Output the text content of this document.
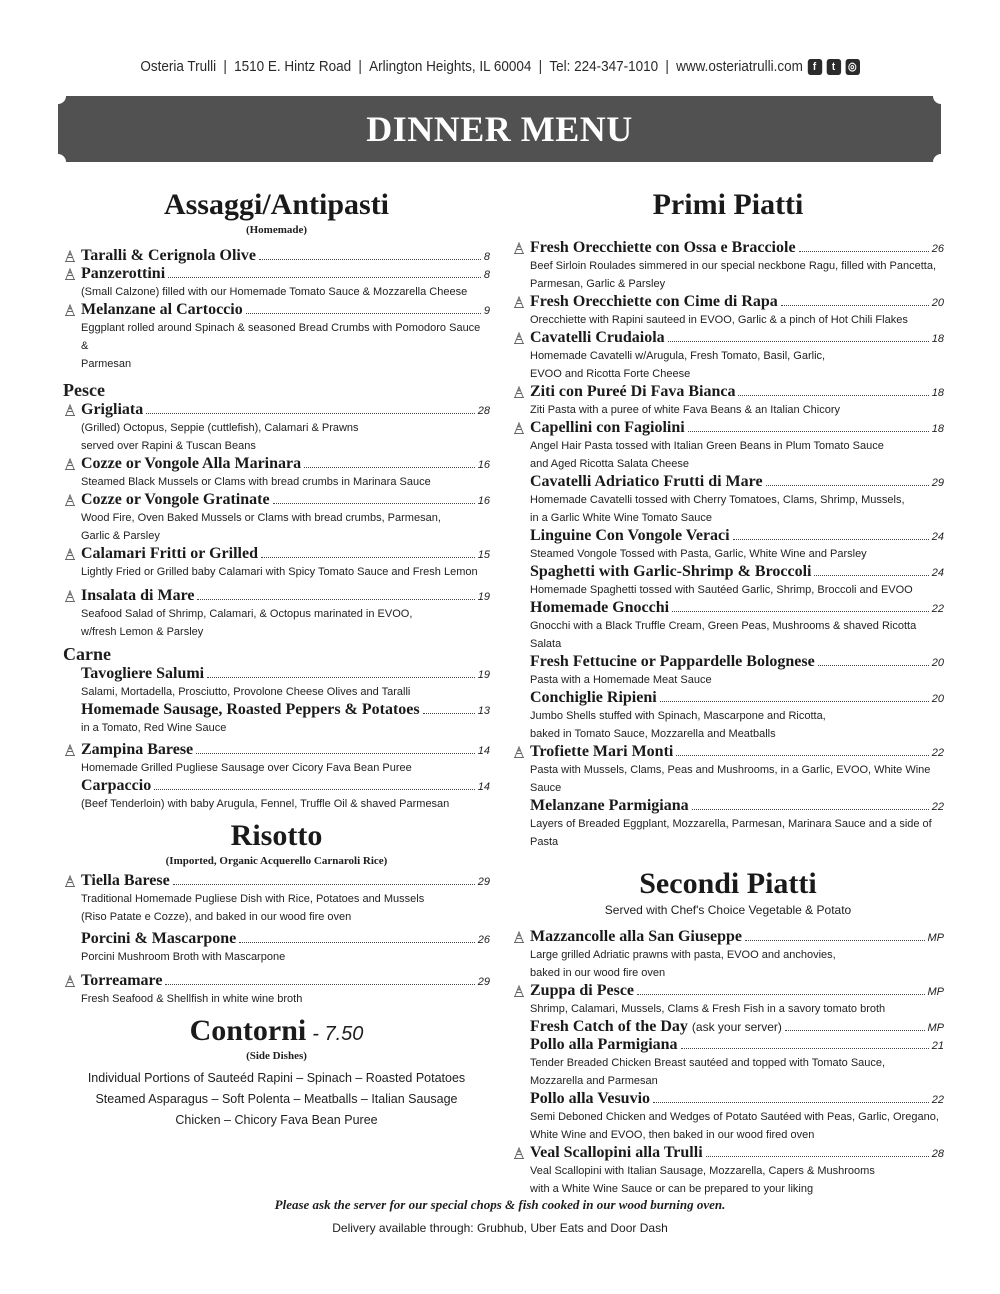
Osteria Trulli | 1510 E. Hintz Road | Arlington Heights, IL 60004 | Tel: 224-347-1010 | www.osteriatrulli.com f	t	◎
DINNER MENU
Assaggi/Antipasti
(Homemade)
Taralli & Cerignola Olive	8
Panzerottini	8
(Small Calzone) filled with our Homemade Tomato Sauce & Mozzarella Cheese
Melanzane al Cartoccio	9
Eggplant rolled around Spinach & seasoned Bread Crumbs with Pomodoro Sauce &
Parmesan
Pesce
Grigliata	28
(Grilled) Octopus, Seppie (cuttlefish), Calamari & Prawns
served over Rapini & Tuscan Beans
Cozze or Vongole Alla Marinara	16
Steamed Black Mussels or Clams with bread crumbs in Marinara Sauce
Cozze or Vongole Gratinate	16
Wood Fire, Oven Baked Mussels or Clams with bread crumbs, Parmesan,
Garlic & Parsley
Calamari Fritti or Grilled	15
Lightly Fried or Grilled baby Calamari with Spicy Tomato Sauce and Fresh Lemon
Insalata di Mare	19
Seafood Salad of Shrimp, Calamari, & Octopus marinated in EVOO,
w/fresh Lemon & Parsley
Carne
Tavogliere Salumi	19
Salami, Mortadella, Prosciutto, Provolone Cheese Olives and Taralli
Homemade Sausage, Roasted Peppers & Potatoes	13
in a Tomato, Red Wine Sauce
Zampina Barese	14
Homemade Grilled Pugliese Sausage over Cicory Fava Bean Puree
Carpaccio	14
(Beef Tenderloin) with baby Arugula, Fennel, Truffle Oil & shaved Parmesan
Risotto
(Imported, Organic Acquerello Carnaroli Rice)
Tiella Barese	29
Traditional Homemade Pugliese Dish with Rice, Potatoes and Mussels
(Riso Patate e Cozze), and baked in our wood fire oven
Porcini & Mascarpone	26
Porcini Mushroom Broth with Mascarpone
Torreamare	29
Fresh Seafood & Shellfish in white wine broth
Contorni - 7.50
(Side Dishes)
Individual Portions of Sauteéd Rapini – Spinach – Roasted Potatoes
Steamed Asparagus – Soft Polenta – Meatballs – Italian Sausage
Chicken – Chicory Fava Bean Puree
Primi Piatti
Fresh Orecchiette con Ossa e Bracciole	26
Beef Sirloin Roulades simmered in our special neckbone Ragu, filled with Pancetta,
Parmesan, Garlic & Parsley
Fresh Orecchiette con Cime di Rapa	20
Orecchiette with Rapini sauteed in EVOO, Garlic & a pinch of Hot Chili Flakes
Cavatelli Crudaiola	18
Homemade Cavatelli w/Arugula, Fresh Tomato, Basil, Garlic,
EVOO and Ricotta Forte Cheese
Ziti con Pureé Di Fava Bianca	18
Ziti Pasta with a puree of white Fava Beans & an Italian Chicory
Capellini con Fagiolini	18
Angel Hair Pasta tossed with Italian Green Beans in Plum Tomato Sauce
and Aged Ricotta Salata Cheese
Cavatelli Adriatico Frutti di Mare	29
Homemade Cavatelli tossed with Cherry Tomatoes, Clams, Shrimp, Mussels,
in a Garlic White Wine Tomato Sauce
Linguine Con Vongole Veraci	24
Steamed Vongole Tossed with Pasta, Garlic, White Wine and Parsley
Spaghetti with Garlic-Shrimp & Broccoli	24
Homemade Spaghetti tossed with Sautéed Garlic, Shrimp, Broccoli and EVOO
Homemade Gnocchi	22
Gnocchi with a Black Truffle Cream, Green Peas, Mushrooms & shaved Ricotta Salata
Fresh Fettucine or Pappardelle Bolognese	20
Pasta with a Homemade Meat Sauce
Conchiglie Ripieni	20
Jumbo Shells stuffed with Spinach, Mascarpone and Ricotta,
baked in Tomato Sauce, Mozzarella and Meatballs
Trofiette Mari Monti	22
Pasta with Mussels, Clams, Peas and Mushrooms, in a Garlic, EVOO, White Wine Sauce
Melanzane Parmigiana	22
Layers of Breaded Eggplant, Mozzarella, Parmesan, Marinara Sauce and a side of Pasta
Secondi Piatti
Served with Chef's Choice Vegetable & Potato
Mazzancolle alla San Giuseppe	MP
Large grilled Adriatic prawns with pasta, EVOO and anchovies,
baked in our wood fire oven
Zuppa di Pesce	MP
Shrimp, Calamari, Mussels, Clams & Fresh Fish in a savory tomato broth
Fresh Catch of the Day (ask your server)	MP
Pollo alla Parmigiana	21
Tender Breaded Chicken Breast sautéed and topped with Tomato Sauce,
Mozzarella and Parmesan
Pollo alla Vesuvio	22
Semi Deboned Chicken and Wedges of Potato Sautéed with Peas, Garlic, Oregano,
White Wine and EVOO, then baked in our wood fired oven
Veal Scallopini alla Trulli	28
Veal Scallopini with Italian Sausage, Mozzarella, Capers & Mushrooms
with a White Wine Sauce or can be prepared to your liking
Please ask the server for our special chops & fish cooked in our wood burning oven.
Delivery available through: Grubhub, Uber Eats and Door Dash
